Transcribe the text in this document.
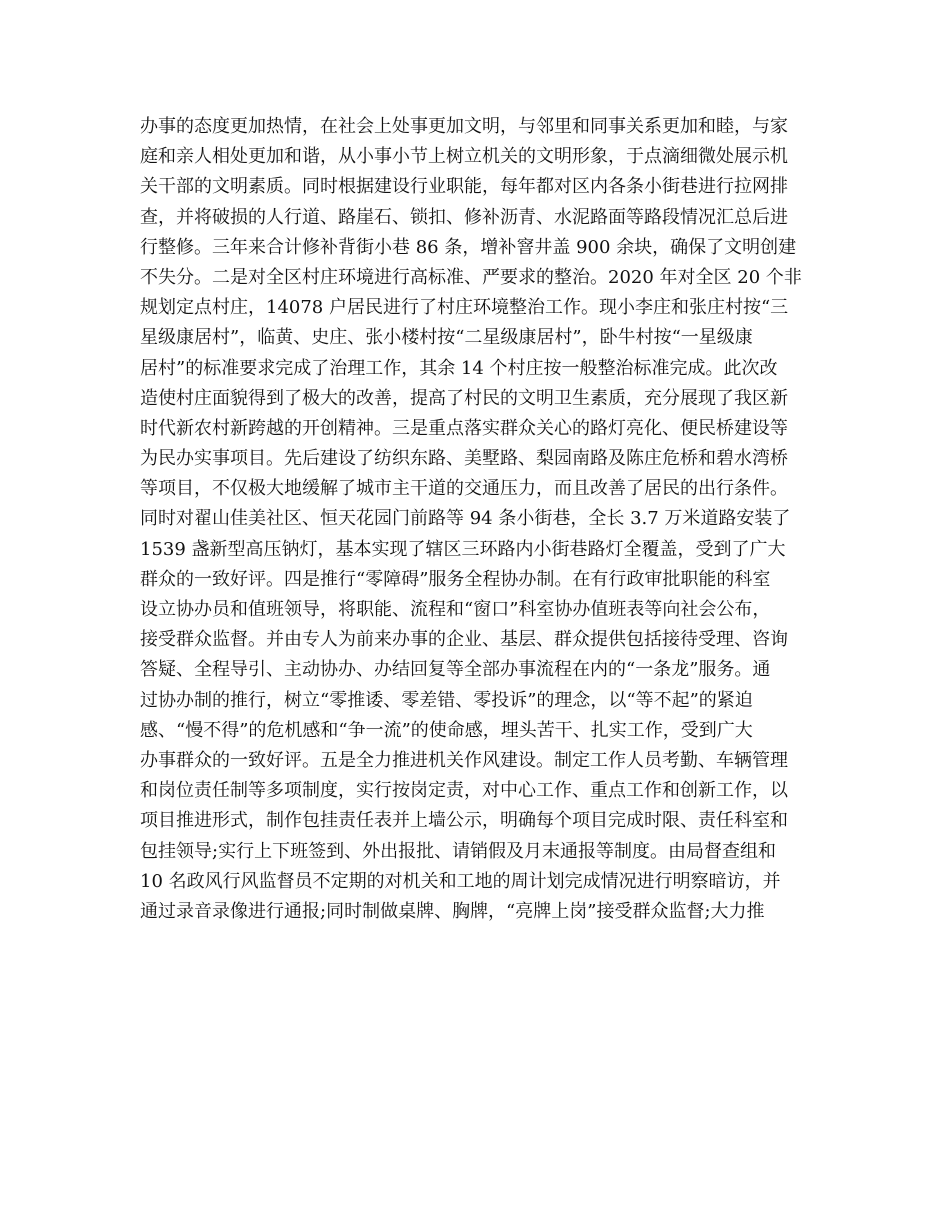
办事的态度更加热情，在社会上处事更加文明，与邻里和同事关系更加和睦，与家
庭和亲人相处更加和谐，从小事小节上树立机关的文明形象，于点滴细微处展示机
关干部的文明素质。同时根据建设行业职能，每年都对区内各条小街巷进行拉网排
查，并将破损的人行道、路崖石、锁扣、修补沥青、水泥路面等路段情况汇总后进
行整修。三年来合计修补背街小巷 86 条，增补窨井盖 900 余块，确保了文明创建
不失分。二是对全区村庄环境进行高标准、严要求的整治。2020 年对全区 20 个非
规划定点村庄，14078 户居民进行了村庄环境整治工作。现小李庄和张庄村按“三
星级康居村”，临黄、史庄、张小楼村按“二星级康居村”，卧牛村按“一星级康
居村”的标准要求完成了治理工作，其余 14 个村庄按一般整治标准完成。此次改
造使村庄面貌得到了极大的改善，提高了村民的文明卫生素质，充分展现了我区新
时代新农村新跨越的开创精神。三是重点落实群众关心的路灯亮化、便民桥建设等
为民办实事项目。先后建设了纺织东路、美墅路、梨园南路及陈庄危桥和碧水湾桥
等项目，不仅极大地缓解了城市主干道的交通压力，而且改善了居民的出行条件。
同时对翟山佳美社区、恒天花园门前路等 94 条小街巷，全长 3.7 万米道路安装了
1539 盏新型高压钠灯，基本实现了辖区三环路内小街巷路灯全覆盖，受到了广大
群众的一致好评。四是推行“零障碍”服务全程协办制。在有行政审批职能的科室
设立协办员和值班领导，将职能、流程和“窗口”科室协办值班表等向社会公布，
接受群众监督。并由专人为前来办事的企业、基层、群众提供包括接待受理、咨询
答疑、全程导引、主动协办、办结回复等全部办事流程在内的“一条龙”服务。通
过协办制的推行，树立“零推诿、零差错、零投诉”的理念，以“等不起”的紧迫
感、“慢不得”的危机感和“争一流”的使命感，埋头苦干、扎实工作，受到广大
办事群众的一致好评。五是全力推进机关作风建设。制定工作人员考勤、车辆管理
和岗位责任制等多项制度，实行按岗定责，对中心工作、重点工作和创新工作，以
项目推进形式，制作包挂责任表并上墙公示，明确每个项目完成时限、责任科室和
包挂领导;实行上下班签到、外出报批、请销假及月末通报等制度。由局督查组和
10 名政风行风监督员不定期的对机关和工地的周计划完成情况进行明察暗访，并
通过录音录像进行通报;同时制做桌牌、胸牌，“亮牌上岗”接受群众监督;大力推
